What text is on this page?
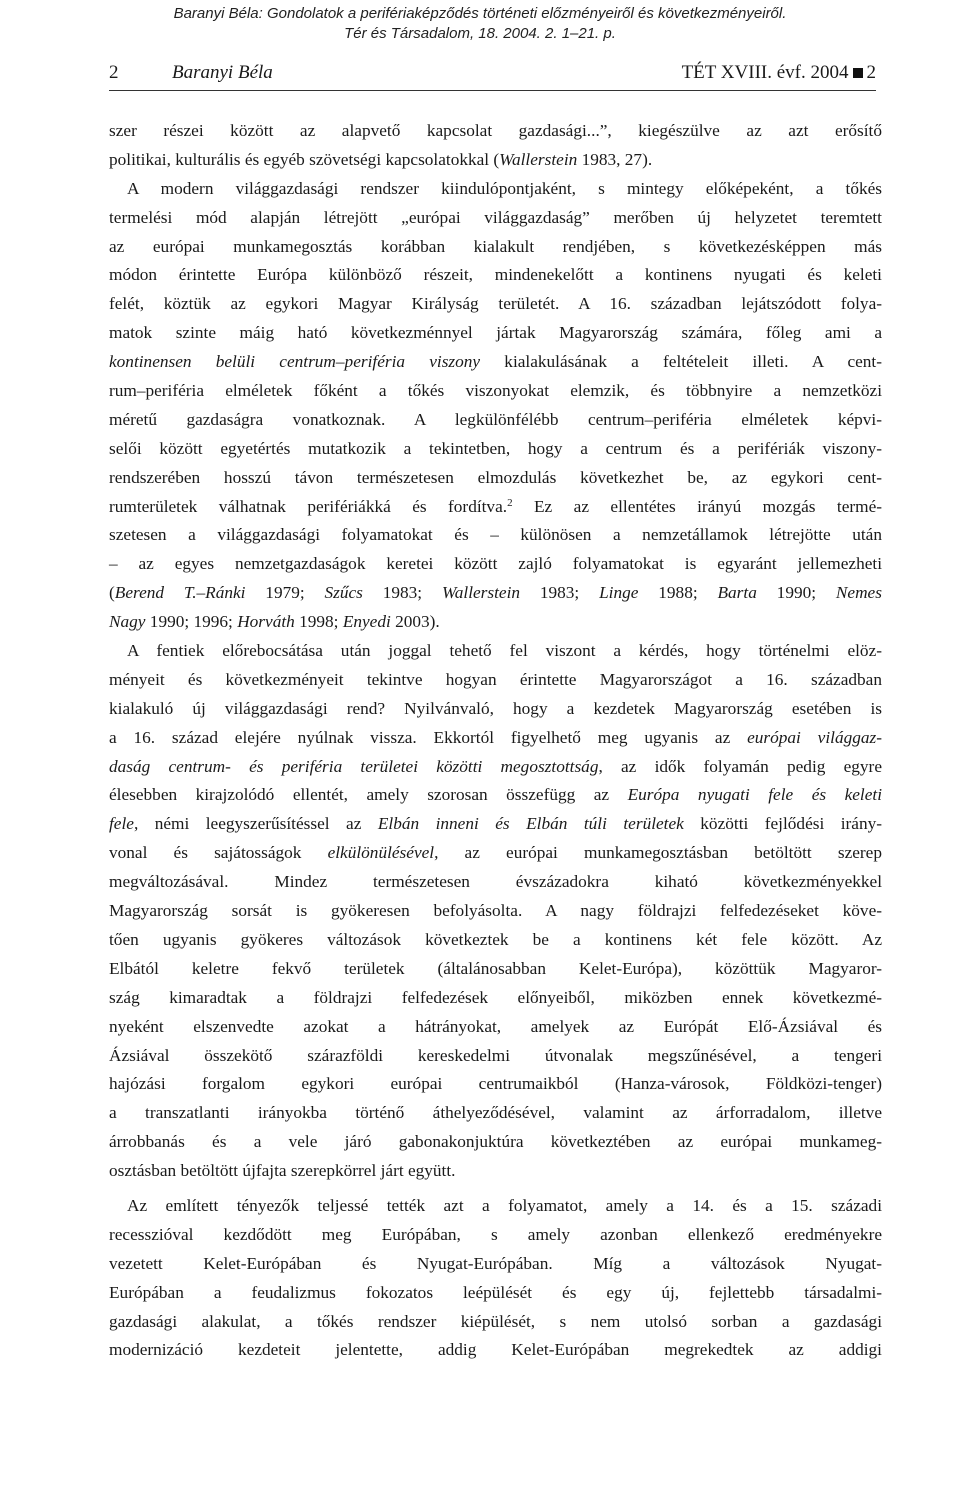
Baranyi Béla: Gondolatok a perifériaképződés történeti előzményeiről és következményeiről.
Tér és Társadalom, 18. 2004. 2. 1–21. p.
2	Baranyi Béla	TÉT XVIII. évf. 2004 2
szer részei között az alapvető kapcsolat gazdasági...”, kiegészülve az azt erősítő
politikai, kulturális és egyéb szövetségi kapcsolatokkal (Wallerstein 1983, 27).
A modern világgazdasági rendszer kiindulópontjaként, s mintegy előképeként, a tőkés
termelési mód alapján létrejött „európai világgazdaság” merőben új helyzetet teremtett
az európai munkamegosztás korábban kialakult rendjében, s következésképpen más
módon érintette Európa különböző részeit, mindenekelőtt a kontinens nyugati és keleti
felét, köztük az egykori Magyar Királyság területét. A 16. században lejátszódott folya-
matok szinte máig ható következménnyel jártak Magyarország számára, főleg ami a
kontinensen belüli centrum–periféria viszony kialakulásának a feltételeit illeti. A cent-
rum–periféria elméletek főként a tőkés viszonyokat elemzik, és többnyire a nemzetközi
méretű gazdaságra vonatkoznak. A legkülönfélébb centrum–periféria elméletek képvi-
selői között egyetértés mutatkozik a tekintetben, hogy a centrum és a perifériák viszony-
rendszerében hosszú távon természetesen elmozdulás következhet be, az egykori cent-
rumterületek válhatnak perifériákká és fordítva.$^2$ Ez az ellentétes irányú mozgás termé-
szetesen a világgazdasági folyamatokat és – különösen a nemzetállamok létrejötte után
– az egyes nemzetgazdaságok keretei között zajló folyamatokat is egyaránt jellemezheti
(Berend T.–Ránki 1979; Szűcs 1983; Wallerstein 1983; Linge 1988; Barta 1990; Nemes
Nagy 1990; 1996; Horváth 1998; Enyedi 2003).
A fentiek előrebocsátása után joggal tehető fel viszont a kérdés, hogy történelmi elöz-
ményeit és következményeit tekintve hogyan érintette Magyarországot a 16. században
kialakuló új világgazdasági rend? Nyilvánvaló, hogy a kezdetek Magyarország esetében is
a 16. század elejére nyúlnak vissza. Ekkortól figyelhető meg ugyanis az európai világgaz-
daság centrum- és periféria területei közötti megosztottság, az idők folyamán pedig egyre
élesebben kirajzolódó ellentét, amely szorosan összefügg az Európa nyugati fele és keleti
fele, némi leegyszerűsítéssel az Elbán inneni és Elbán túli területek közötti fejlődési irány-
vonal és sajátosságok elkülönülésével, az európai munkamegosztásban betöltött szerep
megváltozásával. Mindez természetesen évszázadokra kiható következményekkel
Magyarország sorsát is gyökeresen befolyásolta. A nagy földrajzi felfedezéseket köve-
tően ugyanis gyökeres változások következtek be a kontinens két fele között. Az
Elbától keletre fekvő területek (általánosabban Kelet-Európa), közöttük Magyaror-
szág kimaradtak a földrajzi felfedezések előnyeiből, miközben ennek következmé-
nyeként elszenvedte azokat a hátrányokat, amelyek az Európát Elő-Ázsiával és
Ázsiával összekötő szárazföldi kereskedelmi útvonalak megszűnésével, a tengeri
hajózási forgalom egykori európai centrumaikból (Hanza-városok, Földközi-tenger)
a transzatlanti irányokba történő áthelyeződésével, valamint az árforradalom, illetve
árrobbanás és a vele járó gabonakonjuktúra következtében az európai munkameg-
osztásban betöltött újfajta szerepkörrel járt együtt.
Az említett tényezők teljessé tették azt a folyamatot, amely a 14. és a 15. századi
recesszióval kezdődött meg Európában, s amely azonban ellenkező eredményekre
vezetett Kelet-Európában és Nyugat-Európában. Míg a változások Nyugat-
Európában a feudalizmus fokozatos leépülését és egy új, fejlettebb társadalmi-
gazdasági alakulat, a tőkés rendszer kiépülését, s nem utolsó sorban a gazdasági
modernizáció kezdeteit jelentette, addig Kelet-Európában megrekedtek az addigi
